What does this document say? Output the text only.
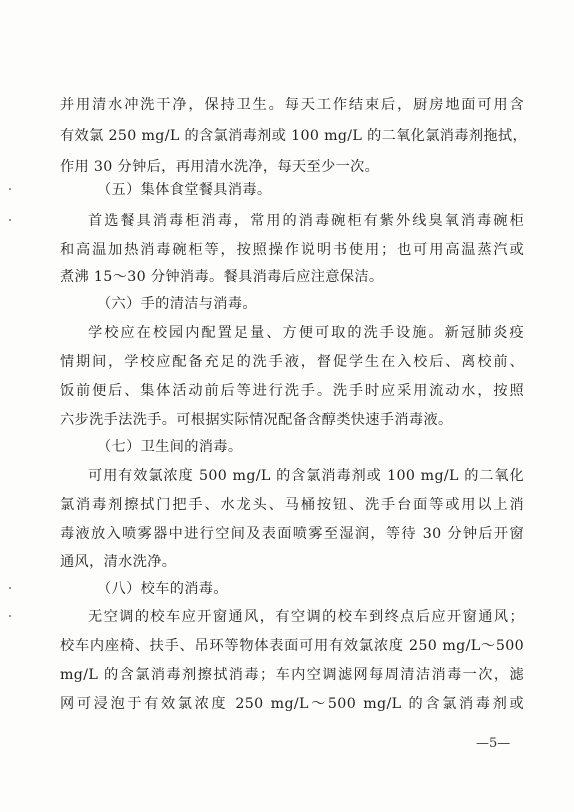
并用清水冲洗干净，保持卫生。每天工作结束后，厨房地面可用含
有效氯 250 mg/L 的含氯消毒剂或 100 mg/L 的二氧化氯消毒剂拖拭，
作用 30 分钟后，再用清水洗净，每天至少一次。
（五）集体食堂餐具消毒。
首选餐具消毒柜消毒，常用的消毒碗柜有紫外线臭氧消毒碗柜
和高温加热消毒碗柜等，按照操作说明书使用；也可用高温蒸汽或
煮沸 15～30 分钟消毒。餐具消毒后应注意保洁。
（六）手的清洁与消毒。
学校应在校园内配置足量、方便可取的洗手设施。新冠肺炎疫
情期间，学校应配备充足的洗手液，督促学生在入校后、离校前、
饭前便后、集体活动前后等进行洗手。洗手时应采用流动水，按照
六步洗手法洗手。可根据实际情况配备含醇类快速手消毒液。
（七）卫生间的消毒。
可用有效氯浓度 500 mg/L 的含氯消毒剂或 100 mg/L 的二氧化
氯消毒剂擦拭门把手、水龙头、马桶按钮、洗手台面等或用以上消
毒液放入喷雾器中进行空间及表面喷雾至湿润，等待 30 分钟后开窗
通风，清水洗净。
（八）校车的消毒。
无空调的校车应开窗通风，有空调的校车到终点后应开窗通风；
校车内座椅、扶手、吊环等物体表面可用有效氯浓度 250 mg/L～500
mg/L 的含氯消毒剂擦拭消毒；车内空调滤网每周清洁消毒一次，滤
网可浸泡于有效氯浓度 250 mg/L～500 mg/L 的含氯消毒剂或
—5—
